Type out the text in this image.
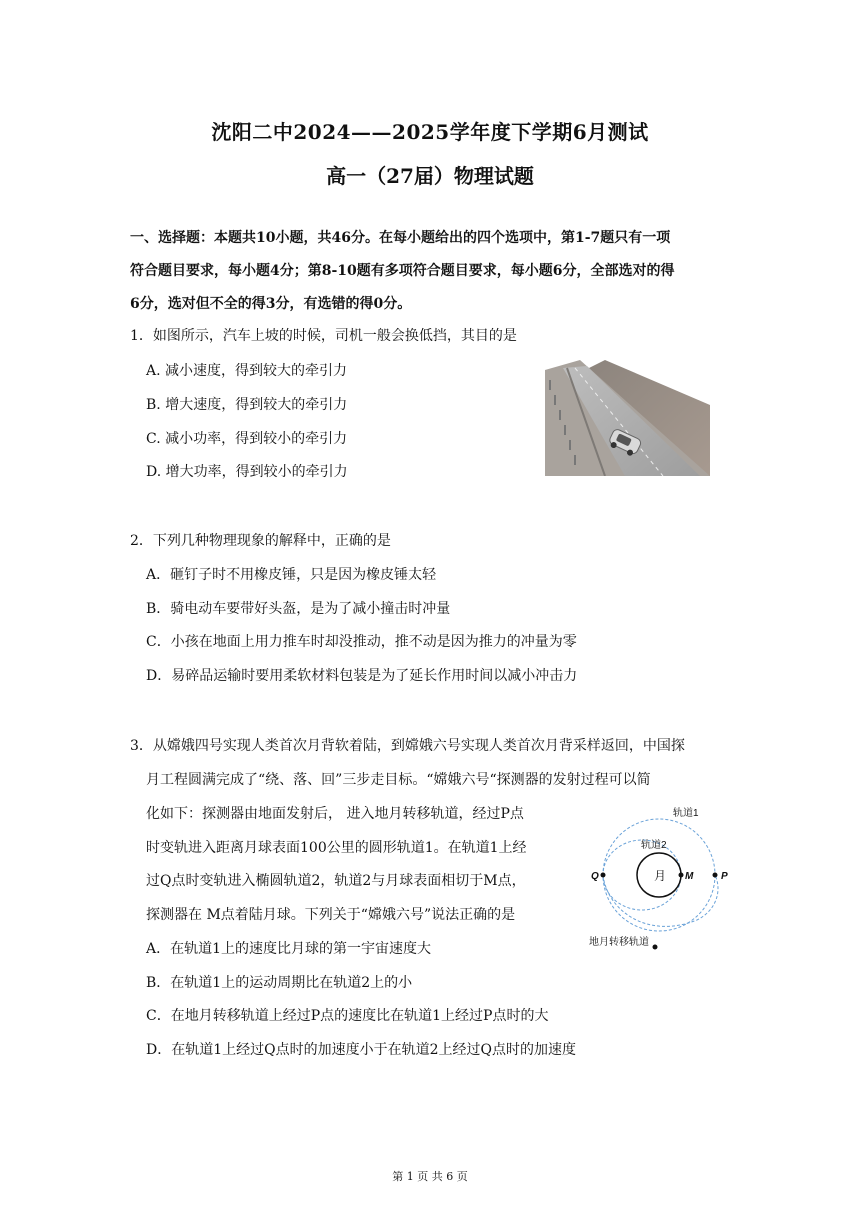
沈阳二中2024——2025学年度下学期6月测试
高一（27届）物理试题

一、选择题：本题共10小题，共46分。在每小题给出的四个选项中，第1-7题只有一项

符合题目要求，每小题4分；第8-10题有多项符合题目要求，每小题6分，全部选对的得

6分，选对但不全的得3分，有选错的得0分。

1．如图所示，汽车上坡的时候，司机一般会换低挡，其目的是
A. 减小速度，得到较大的牵引力
B. 增大速度，得到较大的牵引力
C. 减小功率，得到较小的牵引力
D. 增大功率，得到较小的牵引力
2．下列几种物理现象的解释中，正确的是
A．砸钉子时不用橡皮锤，只是因为橡皮锤太轻
B．骑电动车要带好头盔，是为了减小撞击时冲量
C．小孩在地面上用力推车时却没推动，推不动是因为推力的冲量为零
D．易碎品运输时要用柔软材料包装是为了延长作用时间以减小冲击力
3．从嫦娥四号实现人类首次月背软着陆，到嫦娥六号实现人类首次月背采样返回，中国探
月工程圆满完成了“绕、落、回”三步走目标。“嫦娥六号“探测器的发射过程可以简
化如下：探测器由地面发射后， 进入地月转移轨道，经过P点
时变轨进入距离月球表面100公里的圆形轨道1。在轨道1上经
过Q点时变轨进入椭圆轨道2，轨道2与月球表面相切于M点，
探测器在 M点着陆月球。下列关于“嫦娥六号”说法正确的是
A．在轨道1上的速度比月球的第一宇宙速度大
B．在轨道1上的运动周期比在轨道2上的小
C．在地月转移轨道上经过P点的速度比在轨道1上经过P点时的大
D．在轨道1上经过Q点时的加速度小于在轨道2上经过Q点时的加速度
月
Q	M	P
轨道1
轨道2
地月转移轨道
第 1 页 共 6 页
